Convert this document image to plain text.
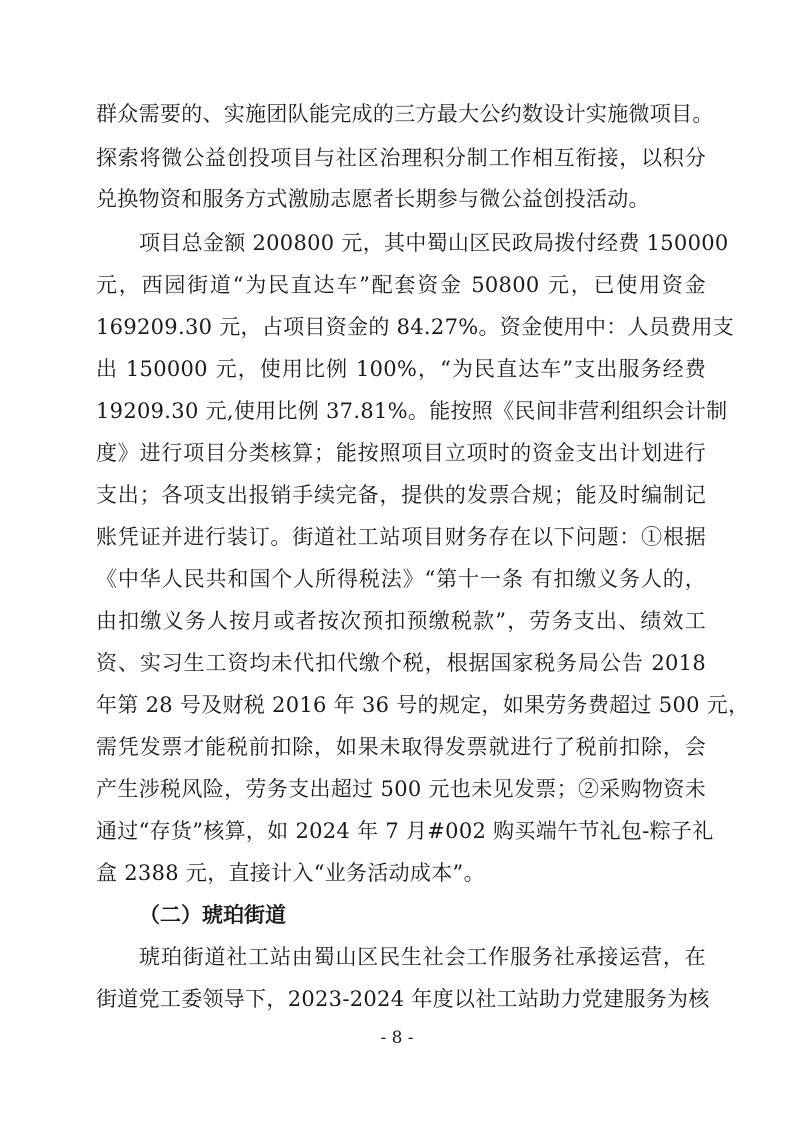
群众需要的、实施团队能完成的三方最大公约数设计实施微项目。
探索将微公益创投项目与社区治理积分制工作相互衔接，以积分
兑换物资和服务方式激励志愿者长期参与微公益创投活动。
项目总金额 200800 元，其中蜀山区民政局拨付经费 150000
元，西园街道“为民直达车”配套资金 50800 元，已使用资金
169209.30 元，占项目资金的 84.27%。资金使用中：人员费用支
出 150000 元，使用比例 100%，“为民直达车”支出服务经费
19209.30 元,使用比例 37.81%。能按照《民间非营利组织会计制
度》进行项目分类核算；能按照项目立项时的资金支出计划进行
支出；各项支出报销手续完备，提供的发票合规；能及时编制记
账凭证并进行装订。街道社工站项目财务存在以下问题：①根据
《中华人民共和国个人所得税法》“第十一条 有扣缴义务人的，
由扣缴义务人按月或者按次预扣预缴税款”，劳务支出、绩效工
资、实习生工资均未代扣代缴个税，根据国家税务局公告 2018
年第 28 号及财税 2016 年 36 号的规定，如果劳务费超过 500 元，
需凭发票才能税前扣除，如果未取得发票就进行了税前扣除，会
产生涉税风险，劳务支出超过 500 元也未见发票；②采购物资未
通过“存货”核算，如 2024 年 7 月#002 购买端午节礼包-粽子礼
盒 2388 元，直接计入“业务活动成本”。
（二）琥珀街道
琥珀街道社工站由蜀山区民生社会工作服务社承接运营，在
街道党工委领导下，2023-2024 年度以社工站助力党建服务为核
- 8 -
